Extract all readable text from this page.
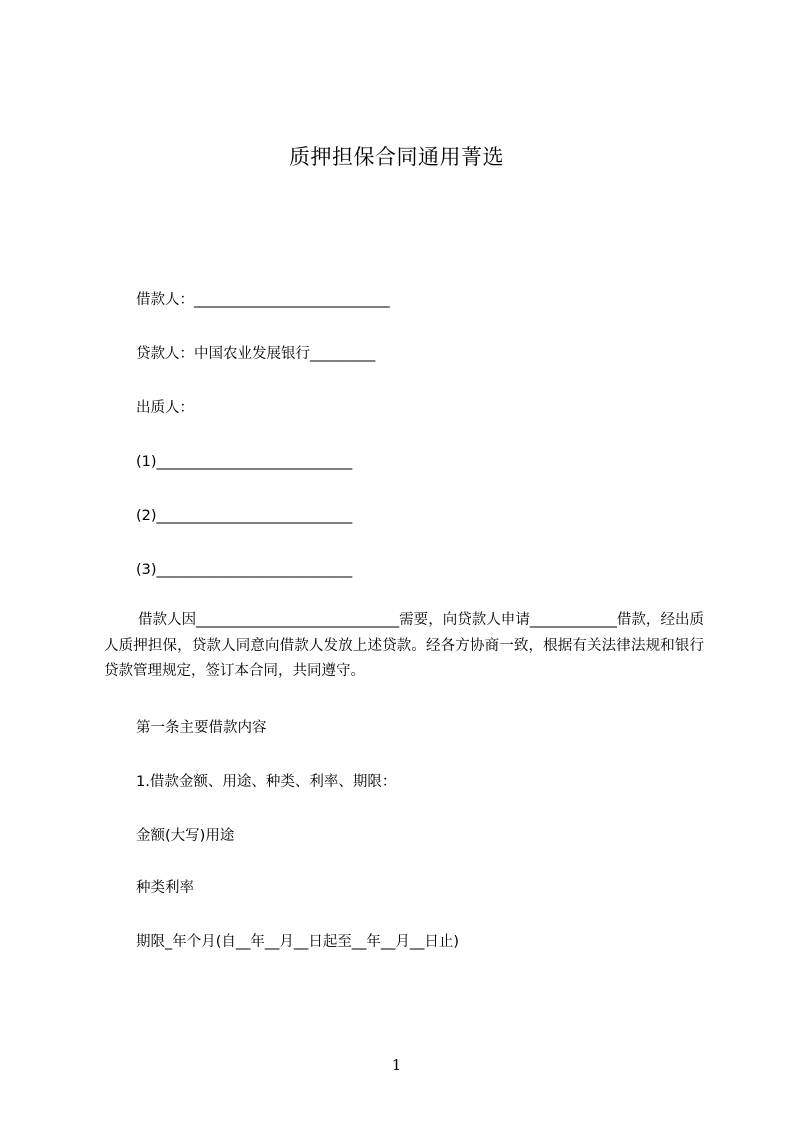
质押担保合同通用菁选
借款人：___________________________
贷款人：中国农业发展银行_________
出质人：
(1)___________________________
(2)___________________________
(3)___________________________
借款人因____________________________需要，向贷款人申请____________借款，经出质人质押担保，贷款人同意向借款人发放上述贷款。经各方协商一致，根据有关法律法规和银行贷款管理规定，签订本合同，共同遵守。
第一条主要借款内容
1.借款金额、用途、种类、利率、期限：
金额(大写)用途
种类利率
期限_年个月(自__年__月__日起至__年__月__日止)
1
